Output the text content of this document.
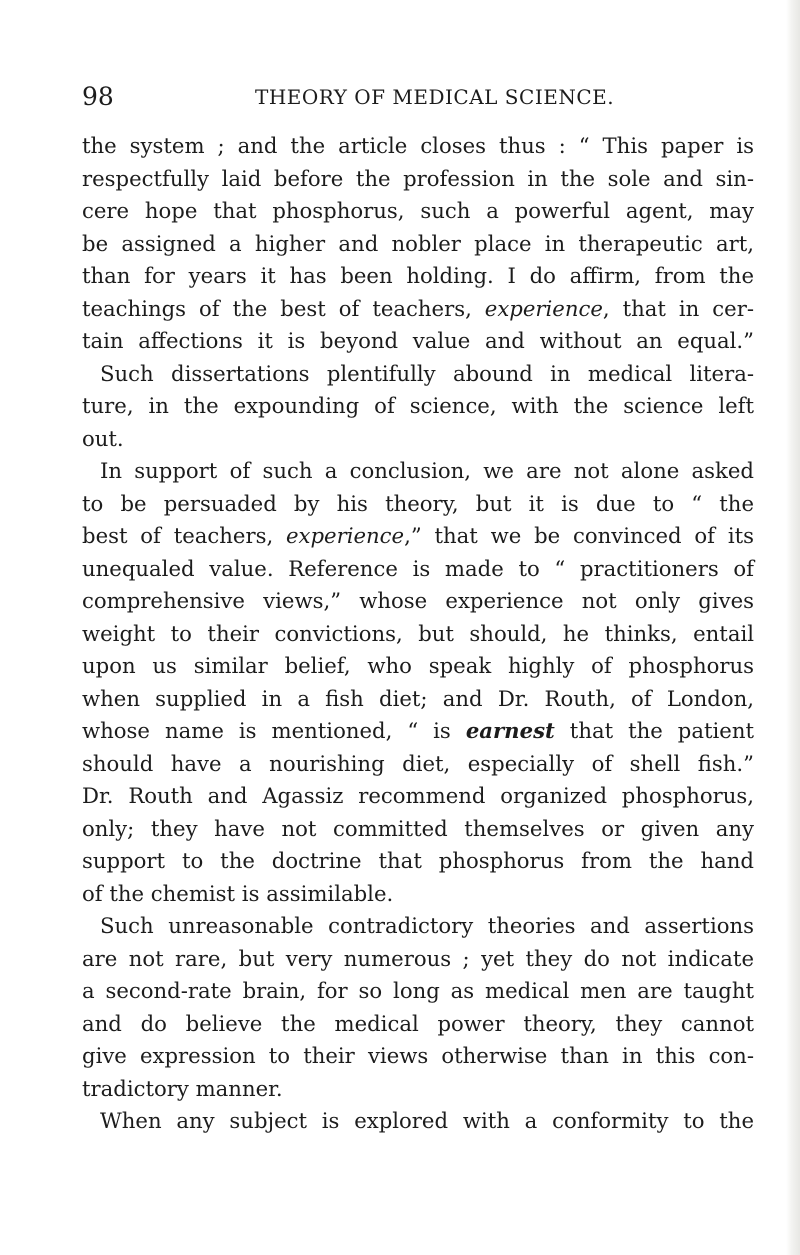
98	THEORY OF MEDICAL SCIENCE.
the system ; and the article closes thus : “ This paper is
respectfully laid before the profession in the sole and sin-
cere hope that phosphorus, such a powerful agent, may
be assigned a higher and nobler place in therapeutic art,
than for years it has been holding. I do affirm, from the
teachings of the best of teachers, experience, that in cer-
tain affections it is beyond value and without an equal.”
Such dissertations plentifully abound in medical litera-
ture, in the expounding of science, with the science left
out.
In support of such a conclusion, we are not alone asked
to be persuaded by his theory, but it is due to “ the
best of teachers, experience,” that we be convinced of its
unequaled value. Reference is made to “ practitioners of
comprehensive views,” whose experience not only gives
weight to their convictions, but should, he thinks, entail
upon us similar belief, who speak highly of phosphorus
when supplied in a fish diet; and Dr. Routh, of London,
whose name is mentioned, “ is earnest that the patient
should have a nourishing diet, especially of shell fish.”
Dr. Routh and Agassiz recommend organized phosphorus,
only; they have not committed themselves or given any
support to the doctrine that phosphorus from the hand
of the chemist is assimilable.
Such unreasonable contradictory theories and assertions
are not rare, but very numerous ; yet they do not indicate
a second-rate brain, for so long as medical men are taught
and do believe the medical power theory, they cannot
give expression to their views otherwise than in this con-
tradictory manner.
When any subject is explored with a conformity to the
